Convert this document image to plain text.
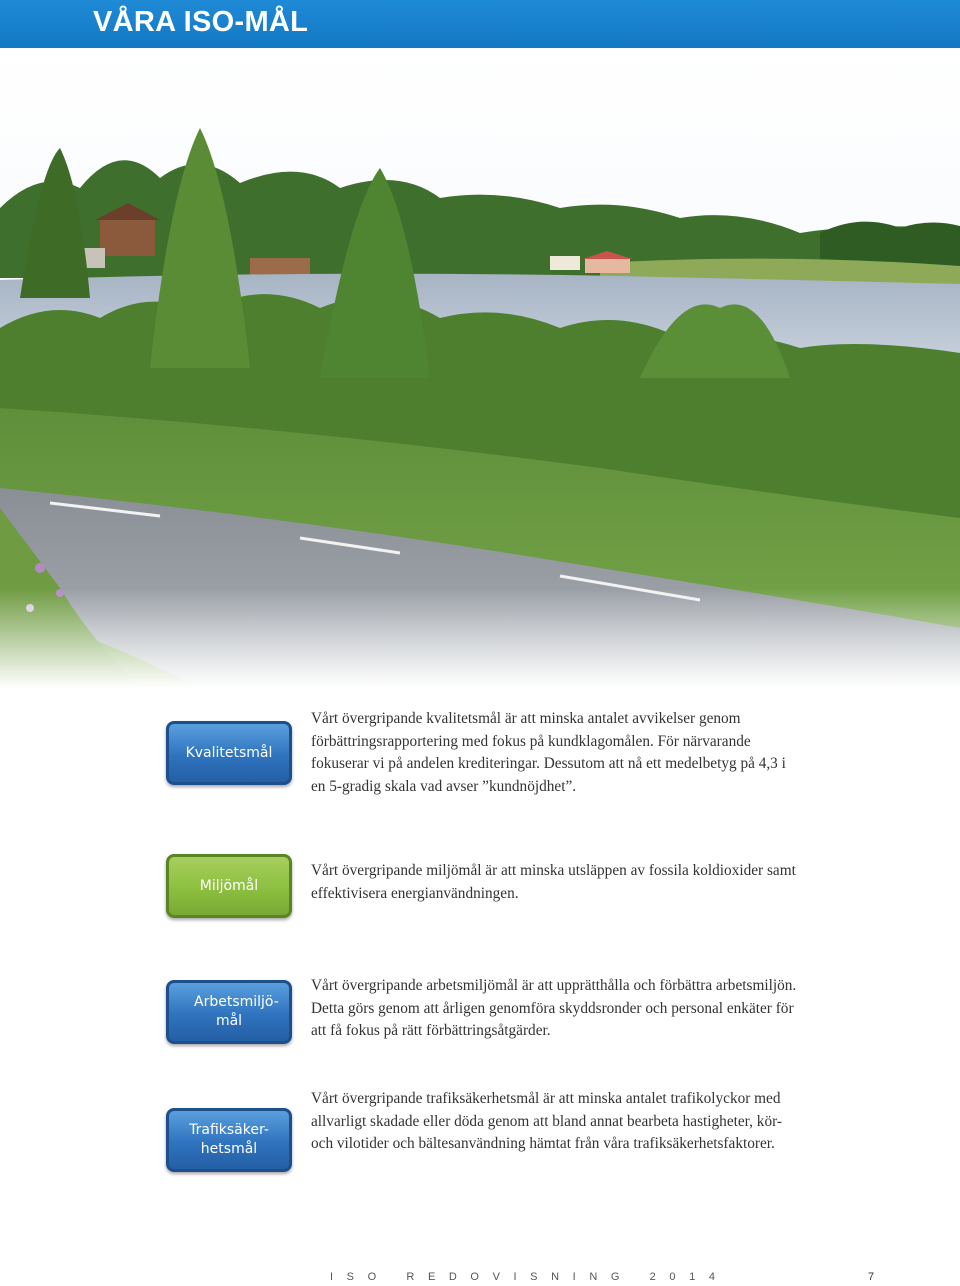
VÅRA ISO-MÅL
Kvalitetsmål
Vårt övergripande kvalitetsmål är att minska antalet avvikelser genom förbättringsrapportering med fokus på kundklagomålen. För närvarande fokuserar vi på andelen krediteringar. Dessutom att nå ett medelbetyg på 4,3 i en 5-gradig skala vad avser ”kundnöjdhet”.
Miljömål
Vårt övergripande miljömål är att minska utsläppen av fossila koldioxider samt effektivisera energianvändningen.
Arbetsmiljö- mål
Vårt övergripande arbetsmiljömål är att upprätthålla och förbättra arbetsmiljön. Detta görs genom att årligen genomföra skyddsronder och personal enkäter för att få fokus på rätt förbättringsåtgärder.
Trafiksäker- hetsmål
Vårt övergripande trafiksäkerhetsmål är att minska antalet trafikolyckor med allvarligt skadade eller döda genom att bland annat bearbeta hastigheter, kör- och vilotider och bältesanvändning hämtat från våra trafiksäkerhetsfaktorer.
ISO REDOVISNING 2014	7
